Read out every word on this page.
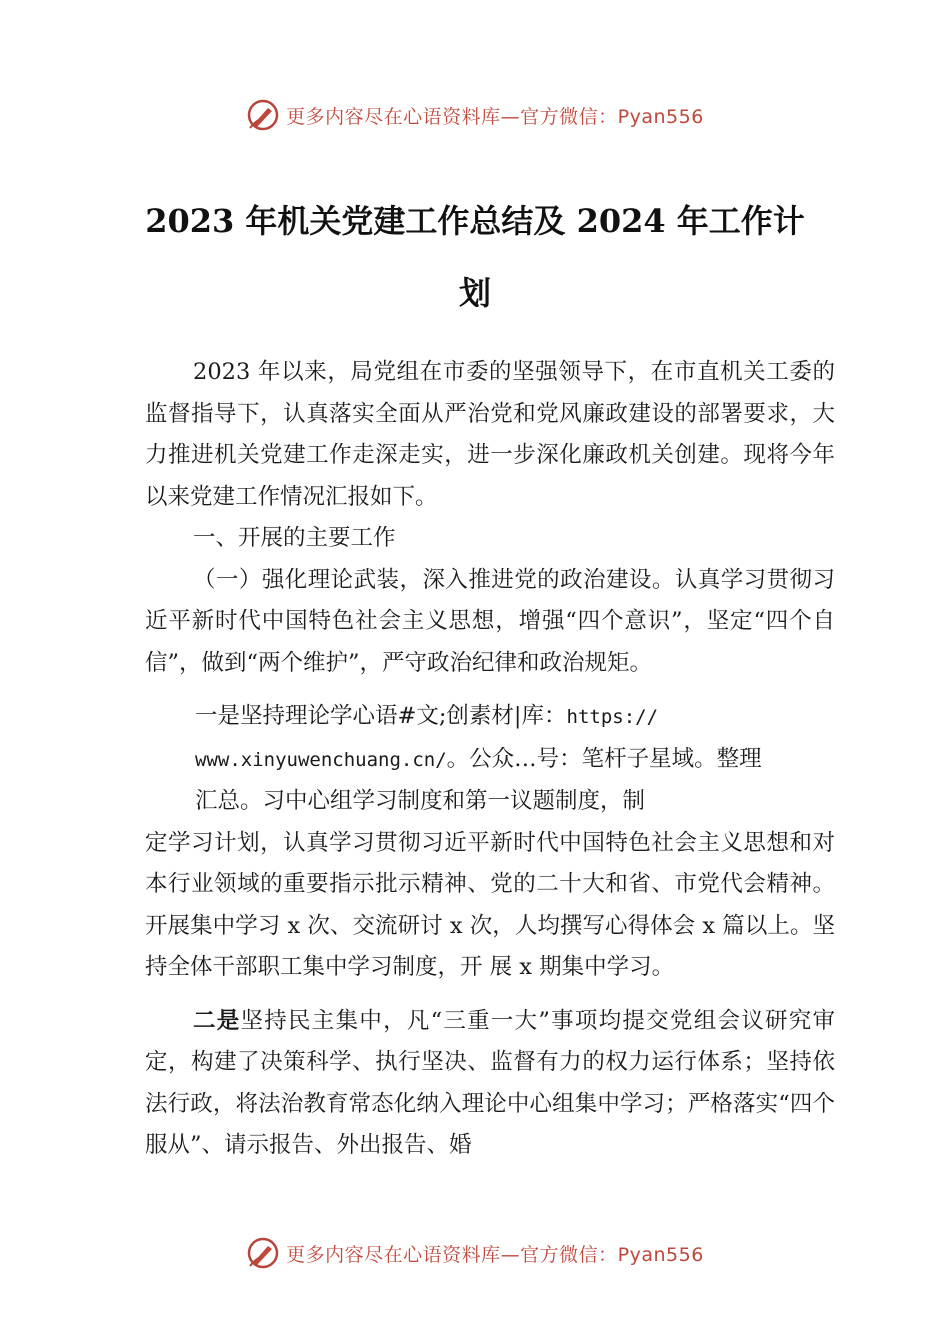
更多内容尽在心语资料库—官方微信：Pyan556
2023 年机关党建工作总结及 2024 年工作计
划

2023 年以来，局党组在市委的坚强领导下，在市直机关工委的监督指导下，认真落实全面从严治党和党风廉政建设的部署要求，大力推进机关党建工作走深走实，进一步深化廉政机关创建。现将今年以来党建工作情况汇报如下。

一、开展的主要工作

（一）强化理论武装，深入推进党的政治建设。认真学习贯彻习近平新时代中国特色社会主义思想，增强“四个意识”，坚定“四个自信”，做到“两个维护”，严守政治纪律和政治规矩。

一是坚持理论学心语#文;创素材|库：https://

www.xinyuwenchuang.cn/。公众…号：笔杆子星域。整理

汇总。习中心组学习制度和第一议题制度，制

定学习计划，认真学习贯彻习近平新时代中国特色社会主义思想和对本行业领域的重要指示批示精神、党的二十大和省、市党代会精神。开展集中学习 x 次、交流研讨 x 次，人均撰写心得体会 x 篇以上。坚持全体干部职工集中学习制度，开 展 x 期集中学习。

二是坚持民主集中，凡“三重一大”事项均提交党组会议研究审定，构建了决策科学、执行坚决、监督有力的权力运行体系；坚持依法行政，将法治教育常态化纳入理论中心组集中学习；严格落实“四个服从”、请示报告、外出报告、婚

更多内容尽在心语资料库—官方微信：Pyan556
